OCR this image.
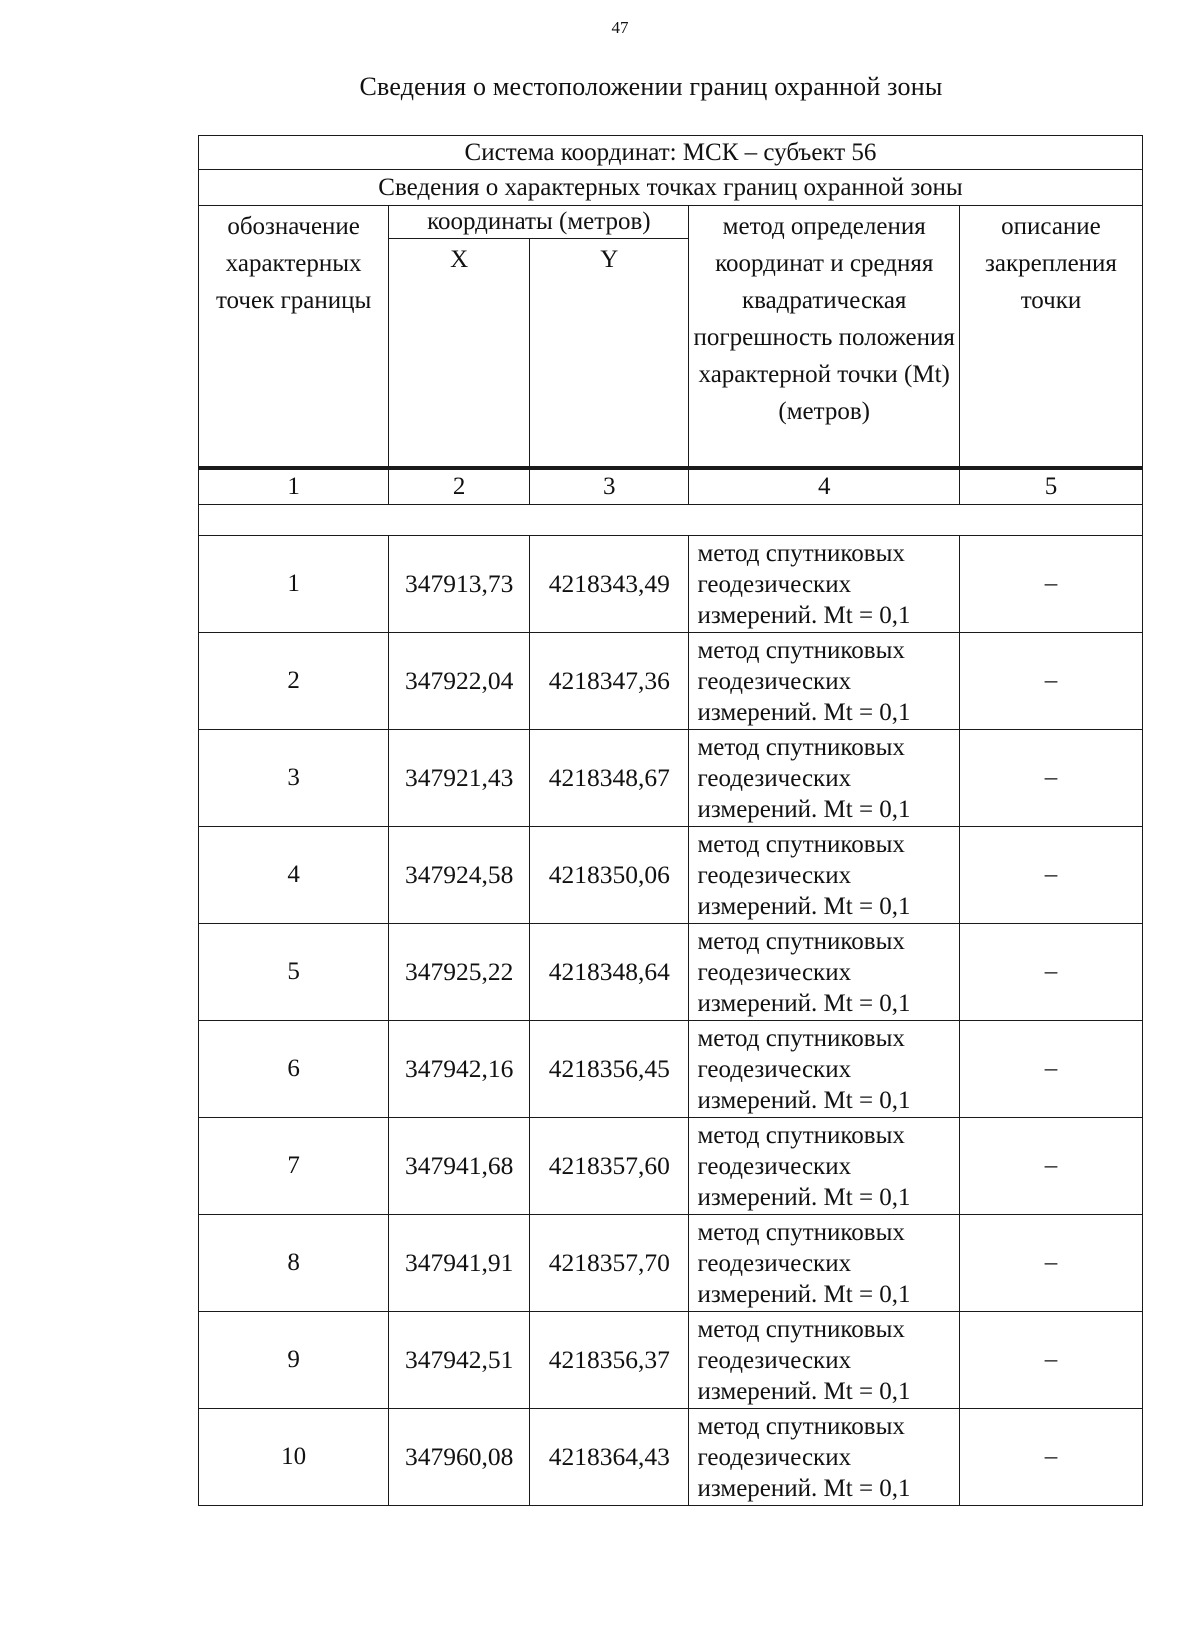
47
Сведения о местоположении границ охранной зоны
Система координат: МСК – субъект 56				
Сведения о характерных точках границ охранной зоны				
обозначение характерных точек границы	координаты (метров)		метод определения координат и средняя квадратическая погрешность положения характерной точки (Mt) (метров)	описание закрепления точки
	X	Y		
1	2	3	4	5

1	347913,73	4218343,49	метод спутниковых геодезических измерений. Mt = 0,1	–
2	347922,04	4218347,36	метод спутниковых геодезических измерений. Mt = 0,1	–
3	347921,43	4218348,67	метод спутниковых геодезических измерений. Mt = 0,1	–
4	347924,58	4218350,06	метод спутниковых геодезических измерений. Mt = 0,1	–
5	347925,22	4218348,64	метод спутниковых геодезических измерений. Mt = 0,1	–
6	347942,16	4218356,45	метод спутниковых геодезических измерений. Mt = 0,1	–
7	347941,68	4218357,60	метод спутниковых геодезических измерений. Mt = 0,1	–
8	347941,91	4218357,70	метод спутниковых геодезических измерений. Mt = 0,1	–
9	347942,51	4218356,37	метод спутниковых геодезических измерений. Mt = 0,1	–
10	347960,08	4218364,43	метод спутниковых геодезических измерений. Mt = 0,1	–
